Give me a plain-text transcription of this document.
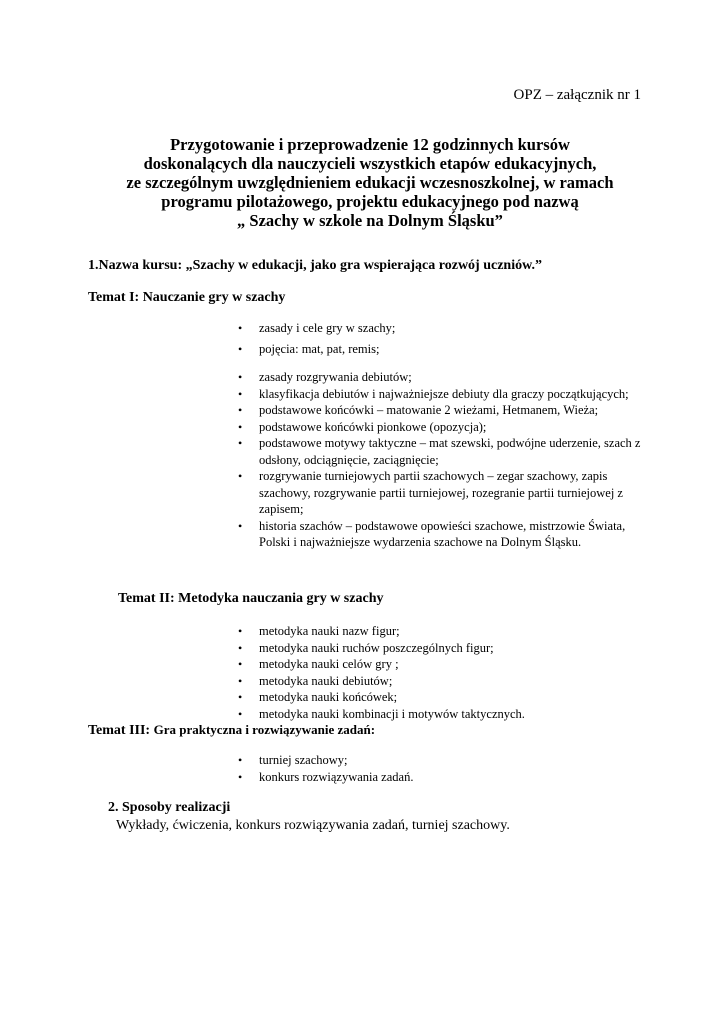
OPZ – załącznik nr 1
Przygotowanie i przeprowadzenie 12 godzinnych kursów
doskonalących dla nauczycieli wszystkich etapów edukacyjnych,
ze szczególnym uwzględnieniem edukacji wczesnoszkolnej, w ramach
programu pilotażowego, projektu edukacyjnego pod nazwą
„ Szachy w szkole na Dolnym Śląsku”
1.Nazwa kursu: „Szachy w edukacji, jako gra wspierająca rozwój uczniów.”
Temat I: Nauczanie gry w szachy
• zasady i cele gry w szachy;
• pojęcia: mat, pat, remis;
• zasady rozgrywania debiutów;
• klasyfikacja debiutów i najważniejsze debiuty dla graczy początkujących;
• podstawowe końcówki – matowanie 2 wieżami, Hetmanem, Wieża;
• podstawowe końcówki pionkowe (opozycja);
• podstawowe motywy taktyczne – mat szewski, podwójne uderzenie, szach z odsłony, odciągnięcie, zaciągnięcie;
• rozgrywanie turniejowych partii szachowych – zegar szachowy, zapis szachowy, rozgrywanie partii turniejowej, rozegranie partii turniejowej z zapisem;
• historia szachów – podstawowe opowieści szachowe, mistrzowie Świata, Polski i najważniejsze wydarzenia szachowe na Dolnym Śląsku.
Temat II: Metodyka nauczania gry w szachy
• metodyka nauki nazw figur;
• metodyka nauki ruchów poszczególnych figur;
• metodyka nauki celów gry ;
• metodyka nauki debiutów;
• metodyka nauki końcówek;
• metodyka nauki kombinacji i motywów taktycznych.
Temat III: Gra praktyczna i rozwiązywanie zadań:
• turniej szachowy;
• konkurs rozwiązywania zadań.
2. Sposoby realizacji
Wykłady, ćwiczenia, konkurs rozwiązywania zadań, turniej szachowy.
